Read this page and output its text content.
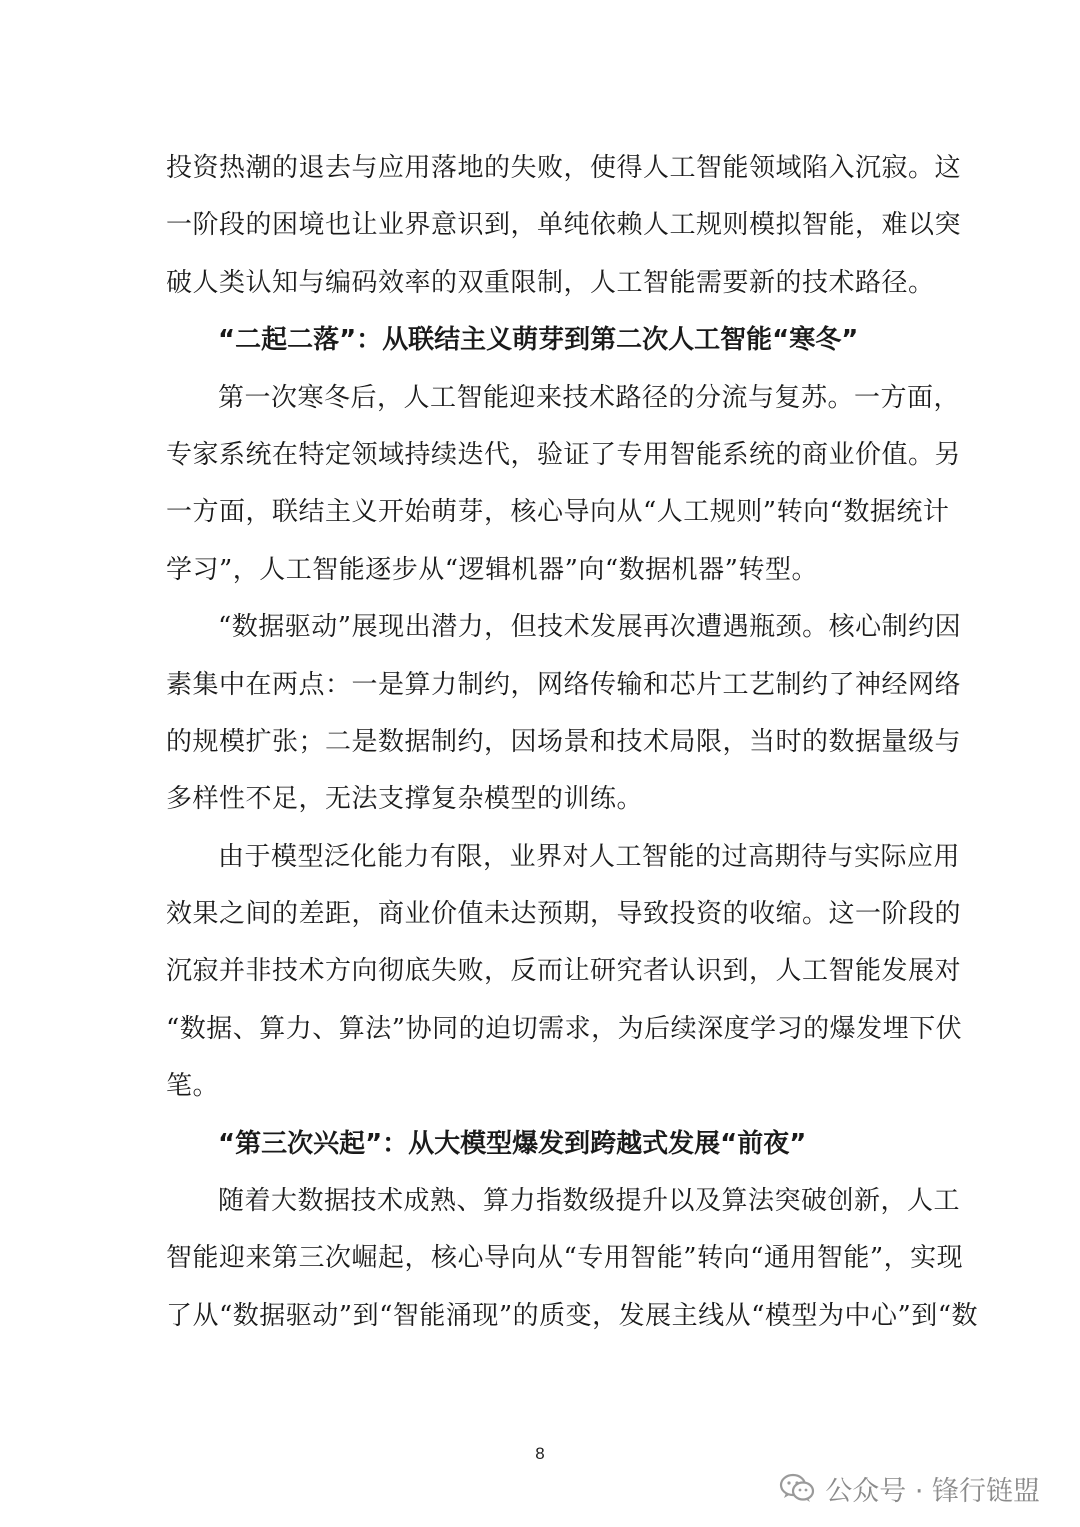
投资热潮的退去与应用落地的失败，使得人工智能领域陷入沉寂。这
一阶段的困境也让业界意识到，单纯依赖人工规则模拟智能，难以突
破人类认知与编码效率的双重限制，人工智能需要新的技术路径。
“二起二落”：从联结主义萌芽到第二次人工智能“寒冬”
第一次寒冬后，人工智能迎来技术路径的分流与复苏。一方面，
专家系统在特定领域持续迭代，验证了专用智能系统的商业价值。另
一方面，联结主义开始萌芽，核心导向从“人工规则”转向“数据统计
学习”，人工智能逐步从“逻辑机器”向“数据机器”转型。
“数据驱动”展现出潜力，但技术发展再次遭遇瓶颈。核心制约因
素集中在两点：一是算力制约，网络传输和芯片工艺制约了神经网络
的规模扩张；二是数据制约，因场景和技术局限，当时的数据量级与
多样性不足，无法支撑复杂模型的训练。
由于模型泛化能力有限，业界对人工智能的过高期待与实际应用
效果之间的差距，商业价值未达预期，导致投资的收缩。这一阶段的
沉寂并非技术方向彻底失败，反而让研究者认识到，人工智能发展对
“数据、算力、算法”协同的迫切需求，为后续深度学习的爆发埋下伏
笔。
“第三次兴起”：从大模型爆发到跨越式发展“前夜”
随着大数据技术成熟、算力指数级提升以及算法突破创新，人工
智能迎来第三次崛起，核心导向从“专用智能”转向“通用智能”，实现
了从“数据驱动”到“智能涌现”的质变，发展主线从“模型为中心”到“数
8
公众号 · 锋行链盟
